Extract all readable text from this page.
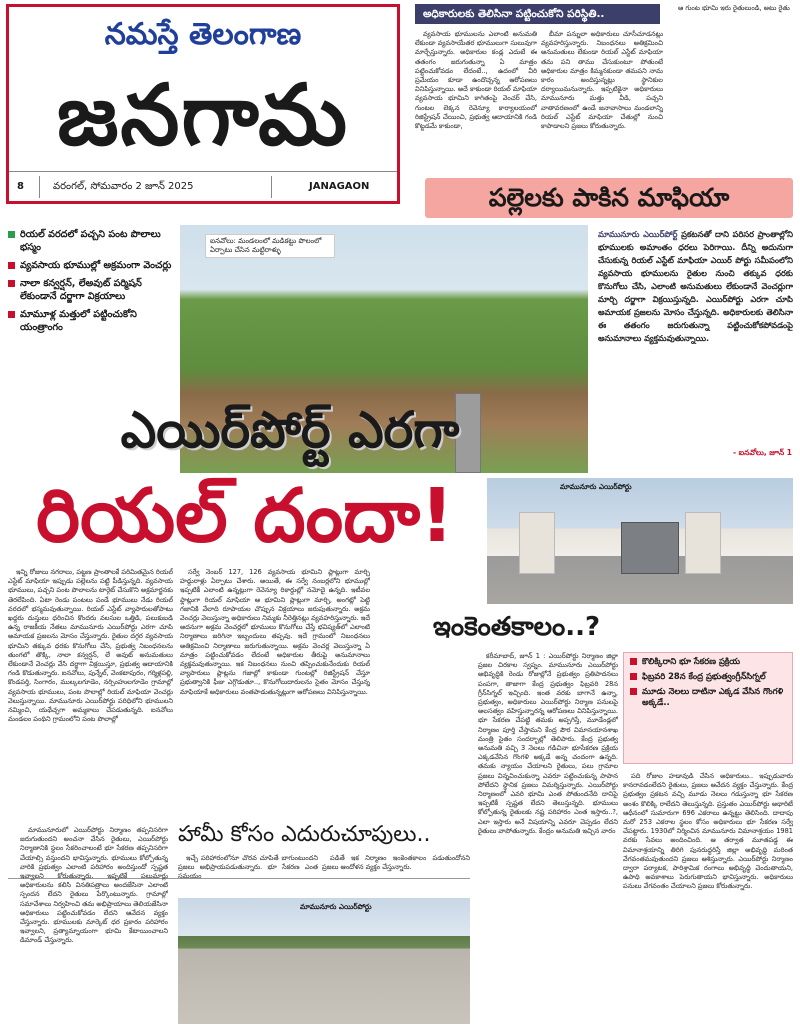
నమస్తే తెలంగాణ
జనగామ
8	వరంగల్, సోమవారం 2 జూన్ 2025	JANAGAON
అధికారులకు తెలిసినా పట్టించుకోని పరిస్థితి..

వ్యవసాయ భూములను ఎలాంటి అనుమతి లేకుండా వ్యవసాయేతర భూములుగా సులువుగా మార్చేస్తున్నారు. అధికారుల కండ్ల ఎదుటే ఈ తతంగం జరుగుతున్నా ఏ మాత్రం పట్టించుకోవడం లేదంటే.., ఉదంలో వీరి ప్రమేయం కూడా ఉందొచ్చన్న ఆరోపణలు వినిపిస్తున్నాయి. అదే కాకుండా రియల్ మాఫియా వ్యవసాయ భూమిని కాగితంపై వెంచర్ చేసి, గుంటల లెక్కన రెవెన్యూ కార్యాలయంలో రిజిస్ట్రేషన్ చేయించి, ప్రభుత్వ ఆదాయానికి గండి కొట్టడమే కాకుండా,

బీమా పన్నులా అధికారులు చూసీచూడనట్లు వ్యవహరిస్తున్నారు. నిబంధనలు అతిక్రమించి అనుమతులు లేకుండా రియల్ ఎస్టేట్ మాఫియా తమ పని తాము చేసుకుంటూ పోతుంటే అధికారుల మాత్రం కిమ్మనకుండా తమపని నామ కారం అందిస్తున్నట్లు స్థానికుల దర్యాయిమనున్నారు. ఇప్పటికైనా అధికారులు మామునూరు మత్తు వీడి, పచ్చని వాతావరణంలో ఉండే జనావాసాలు మండలాన్ని రియల్ ఎస్టేట్ మాఫియా చేతుల్లో నుంచి కాపాడాలని ప్రజలు కోరుతున్నారు.

ఆ గుంట భూమి ఇరు రైతులుండి, అటు రైతు

పల్లెలకు పాకిన మాఫియా
రియల్ వరదలో పచ్చని పంట పొలాలు భస్మం
వ్యవసాయ భూముల్లో అక్రమంగా వెంచర్లు
నాలా కన్వర్షన్, లేఅవుట్ పర్మిషన్ లేకుండానే దర్జాగా విక్రయాలు
మామూళ్ల మత్తులో పట్టించుకోని యంత్రాంగం
ఐనవోలు: మండలంలో మడికట్టు పొలంలో ఏర్పాటు చేసిన మట్టిరాళ్ళు
మామునూరు ఎయిర్‌పోర్ట్ ప్రకటనతో దాని పరిసర ప్రాంతాల్లోని భూములకు అమాంతం ధరలు పెరిగాయి. దీన్ని అదునుగా చేసుకున్న రియల్ ఎస్టేట్ మాఫియా ఎయిర్ పోర్టు సమీపంలోని వ్యవసాయ భూములను రైతుల నుంచి తక్కువ ధరకు కొనుగోలు చేసి, ఎలాంటి అనుమతులు లేకుండానే వెంచర్లుగా మార్చి దర్జాగా విక్రయిస్తున్నది. ఎయిర్‌పోర్టు ఎరగా చూపి అమాయక ప్రజలను మోసం చేస్తున్నది. అధికారులకు తెలిసినా ఈ తతంగం జరుగుతున్నా పట్టించుకోకపోవడంపై అనుమానాలు వ్యక్తమవుతున్నాయి.
- ఐనవోలు, జూన్ 1
ఎయిర్‌పోర్ట్ ఎరగా
రియల్ దందా!	మామునూరు ఎయిర్‌పోర్టు

ఇన్ని రోజులు నగరాలు, పట్టణ ప్రాంతాలకే పరిమితమైన రియల్ ఎస్టేట్ మాఫియా ఇప్పుడు పల్లెలను పట్టి పీడిస్తున్నది. వ్యవసాయ భూములు, పచ్చని పంట పొలాలను టార్గెట్ చేసుకొని అక్రమార్జనకు తెరలేపింది. ఏటా రెండు పంటలు పండే భూములు నేడు రియల్ వరదలో భస్మమవుతున్నాయి. రియల్ ఎస్టేట్ వ్యాపారులతోపాటు ఖద్దరు దుస్తులు ధరించిన కొందరు వలసుల ఒత్తిడి, పలుకుబడి ఉన్న రాజకీయ నేతలు మామునూరు ఎయిర్‌పోర్టు ఎరగా చూపి అమాయక ప్రజలను మోసం చేస్తున్నారు. రైతుల దగ్గర వ్యవసాయ భూమిని తక్కువ ధరకు కొనుగోలు చేసి, ప్రభుత్వ నిబంధనలను తుంగలో తొక్కి, నాలా కన్వర్షన్, లే అవుట్ అనుమతులు లేకుండానే వెంచర్లు వేసి దర్జాగా విక్రయిస్తూ, ప్రభుత్వ ఆదాయానికి గండి కొడుతున్నారు. ఐనవోలు, పున్నేల్, వెంకటాపురం, గర్మిళ్లపల్లి, కొండపర్తి, సింగారం, ముల్కలగూడెం, నర్సింహులగూడెం గ్రామాల్లో వ్యవసాయ భూములు, పంట పొలాల్లో రియల్ మాఫియా వెంచర్లు వెలుస్తున్నాయి. మామునూరు ఎయిర్‌పోర్టు పరిధిలోని భూములని నమ్మించి, యథేచ్ఛగా అమ్మకాలు చేపడుతున్నది. ఐనవోలు మండలం పంథిని గ్రామంలోని పంట పొలాల్లో

సర్వే నెంబర్ 127, 126 వ్యవసాయ భూమిని ప్లాట్లుగా మార్చి హద్దురాళ్లు ఏర్పాటు చేశారు. అయితే, ఈ సర్వే నంబర్లలోని భూముల్లో ఇప్పటికీ ఎలాంటి ఉన్నట్లుగా రెవెన్యూ రికార్డుల్లో నమోదై ఉన్నది. ఇటీవల ఫ్లాట్లుగా రియల్ మాఫియా ఆ భూమిని ప్లాట్లుగా మార్చి, అంగట్లో పెట్టి గజానికి వేలాది రూపాయల చొప్పున విక్రయాలు జరుపుతున్నారు. అక్రమ వెంచర్లు వెలుస్తున్నా అధికారులు నిమ్మకు నీరెత్తినట్లు వ్యవహరిస్తున్నారు. ఇదే అదనుగా అక్రమ వెంచర్లలో భూములు కొనుగోలు చేస్తే భవిష్యత్‌లో ఎలాంటి నిర్మాణాలు జరిగినా ఇబ్బందులు తప్పవు. ఇదే గ్రామంలో నిబంధనలు అతిక్రమించి నిర్మాణాలు జరుగుతున్నాయి. అక్రమ వెంచర్ల వెలుస్తున్నా ఏ మాత్రం పట్టించుకోవడం లేదంటే అధికారుల తీరుపై అనుమానాలు వ్యక్తమవుతున్నాయి. ఇక నిబంధనలు నుంచి తప్పించుకునేందుకు రియల్ వ్యాపారులు ప్లాట్లను గజాల్లో కాకుండా గుంటల్లో రిజిస్ట్రేషన్ చేస్తూ ప్రభుత్వానికి ఫీజు ఎగ్గొడుతూ.., కొనుగోలుదారులను సైతం మోసం చేస్తున్న మాఫియాకే అధికారులు వంతపాడుతున్నట్లుగా ఆరోపణలు వినిపిస్తున్నాయి.

ఇంకెంతకాలం..?

కరీమాబాద్, జూన్ 1 : ఎయిర్‌పోర్టు నిర్మాణం జిల్లా ప్రజల చిరకాల స్వప్నం. మామునూరు ఎయిర్‌పోర్టు అభివృద్ధికి రెండు రోజుల్లోనే ప్రభుత్వం ప్రతిపాదనలు పంపగా, తాజాగా కేంద్ర ప్రభుత్వం ఫిబ్రవరి 28న గ్రీన్‌సిగ్నల్ ఇచ్చింది. ఇంత వరకు బాగానే ఉన్నా, ప్రభుత్వం, అధికారులు ఎయిర్‌పోర్టు నిర్మాణ పనులపై అలసత్వం వహిస్తున్నారన్న ఆరోపణలు వినిపిస్తున్నాయి. భూ సేకరణ చేపట్టి తమకు అప్పగిస్తే, మూడేండ్లలో నిర్మాణం పూర్తి చేస్తామని కేంద్ర పౌర విమానయానశాఖ మంత్రి సైతం సందర్భాల్లో తెలిపారు. కేంద్ర ప్రభుత్వ అనుమతి వచ్చి 3 నెలలు గడిచినా భూసేకరణ ప్రక్రియ ఎక్కడవేసిన గొంగళి అక్కడే అన్న చందంగా ఉన్నది. తమకు న్యాయం చేయాలని రైతులు, పలు గ్రామాల ప్రజలు విన్నవించుకున్నా ఎవరూ పట్టించుకున్న పాపాన పోలేదని స్థానిక ప్రజలు విమర్శిస్తున్నారు. ఎయిర్‌పోర్టు నిర్మాణంలో ఎవరి భూమి ఎంత పోతుందనేది దానిపై ఇప్పటికీ స్పష్టత లేదని తెలుస్తున్నది. భూములు కోల్పోతున్న రైతులకు నష్ట పరిహారం ఎంత ఇస్తారు..?, ఎలా ఇస్తారు అనే విషయాన్ని ఎవరూ చెప్పడం లేదని రైతులు వాపోతున్నారు. కేంద్రం అనుమతి ఇచ్చిన వారం

కొలిక్కిరాని భూ సేకరణ ప్రక్రియ
ఫిబ్రవరి 28న కేంద్ర ప్రభుత్వంగ్రీన్‌సిగ్నల్
మూడు నెలలు దాటినా ఎక్కడ వేసిన గొంగళి అక్కడే..

పది రోజుల హడావుడి చేసిన అధికారులు.. ఇప్పుడువారు కానరావడంలేదని రైతులు, ప్రజలు ఆవేదన వ్యక్తం చేస్తున్నారు. కేంద్ర ప్రభుత్వం ప్రకటన వచ్చి మూడు నెలలు గడుస్తున్నా భూ సేకరణ అంశం కొలిక్కి రాలేదని తెలుస్తున్నది. ప్రస్తుతం ఎయిర్‌పోర్టు అథారిటీ ఆధీనంలో సుమారుగా 696 ఎకరాలు ఉన్నట్టు తెలిసింది. దాదాపు మరో 253 ఎకరాల స్థలం కోసం అధికారులు భూ సేకరణ సర్వే చేపట్టారు. 1930లో నిర్మించిన మామునూరు విమానాశ్రయం 1981 వరకు సేవలు అందించింది. ఆ తర్వాత మూతపడ్డ ఈ విమానాశ్రయాన్ని తిరిగి పునరుద్ధరిస్తే జిల్లా అభివృద్ధి మరింత వేగవంతమవుతుందని ప్రజలు ఆశిస్తున్నారు. ఎయిర్‌పోర్టు నిర్మాణం ద్వారా పర్యాటక, పారిశ్రామిక రంగాలు అభివృద్ధి చెందుతాయని, ఉపాధి అవకాశాలు పెరుగుతాయని భావిస్తున్నారు. అధికారులు పనులు వేగవంతం చేయాలని ప్రజలు కోరుతున్నారు.

మామునూరులో ఎయిర్‌పోర్టు నిర్మాణం తప్పనిసరిగా జరుగుతుందని అంచనా వేసిన రైతులు, ఎయిర్‌పోర్టు నిర్మాణానికి స్థలం సేకరించాలంటే భూ సేకరణ తప్పనిసరిగా చేయాల్సి వస్తుందని భావిస్తున్నారు. భూములు కోల్పోతున్న వారికి ప్రభుత్వం ఎలాంటి పరిహారం అందిస్తుందో స్పష్టత ఇవ్వాలని కోరుతున్నారు. ఇప్పటికే పలుమార్లు అధికారులను కలిసి వినతిపత్రాలు అందజేసినా ఎలాంటి స్పందన లేదని రైతులు పేర్కొంటున్నారు. గ్రామాల్లో సమావేశాలు నిర్వహించి తమ అభిప్రాయాలు తెలియజేసినా అధికారులు పట్టించుకోవడం లేదని ఆవేదన వ్యక్తం చేస్తున్నారు. భూములకు మార్కెట్ ధర ప్రకారం పరిహారం ఇవ్వాలని, ప్రత్యామ్నాయంగా భూమి కేటాయించాలని డిమాండ్ చేస్తున్నారు.

హామీ కోసం ఎదురుచూపులు..

ఇచ్చే పరిహారంలోనూ చొరవ చూపితే బాగుంటుందని ప్రజలు అభిప్రాయపడుతున్నారు. భూ సేకరణ ఎంత సమయం

పడితే ఇక నిర్మాణం ఇంకెంతకాలం పడుతుందోనని ప్రజలు ఆందోళన వ్యక్తం చేస్తున్నారు.

మామునూరు ఎయిర్‌పోర్టు
